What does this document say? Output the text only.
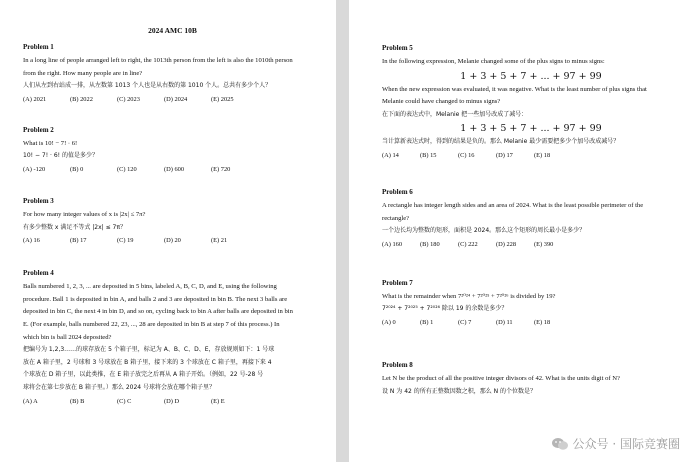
2024 AMC 10B
Problem 1
In a long line of people arranged left to right, the 1013th person from the left is also the 1010th person
from the right. How many people are in line?
人们从左到右站成一排，从左数第 1013 个人也是从右数的第 1010 个人。总共有多少个人？
(A) 2021	(B) 2022	(C) 2023	(D) 2024	(E) 2025
Problem 2
What is 10! − 7! · 6!
10! − 7! · 6! 的值是多少？
(A) -120	(B) 0	(C) 120	(D) 600	(E) 720
Problem 3
For how many integer values of x is |2x| ≤ 7π?
有多少整数 x 满足不等式 |2x| ≤ 7π？
(A) 16	(B) 17	(C) 19	(D) 20	(E) 21
Problem 4
Balls numbered 1, 2, 3, ... are deposited in 5 bins, labeled A, B, C, D, and E, using the following
procedure. Ball 1 is deposited in bin A, and balls 2 and 3 are deposited in bin B. The next 3 balls are
deposited in bin C, the next 4 in bin D, and so on, cycling back to bin A after balls are deposited in bin
E. (For example, balls numbered 22, 23, ..., 28 are deposited in bin B at step 7 of this process.) In
which bin is ball 2024 deposited?
把编号为 1,2,3……的球存放在 5 个箱子里，标记为 A、B、C、D、E，存放规则如下：1 号球
放在 A 箱子里，2 号球和 3 号球放在 B 箱子里，接下来的 3 个球放在 C 箱子里，再接下来 4
个球放在 D 箱子里，以此类推，在 E 箱子放完之后再从 A 箱子开始。（例如，22 号-28 号
球将会在第七步放在 B 箱子里。）那么 2024 号球将会放在哪个箱子里？
(A) A	(B) B	(C) C	(D) D	(E) E
Problem 5
In the following expression, Melanie changed some of the plus signs to minus signs:
1 + 3 + 5 + 7 + ... + 97 + 99
When the new expression was evaluated, it was negative. What is the least number of plus signs that
Melanie could have changed to minus signs?
在下面的表达式中，Melanie 把一些加号改成了减号：
1 + 3 + 5 + 7 + ... + 97 + 99
当计算新表达式时，得到的结果是负的。那么 Melanie 最少需要把多少个加号改成减号？
(A) 14	(B) 15	(C) 16	(D) 17	(E) 18
Problem 6
A rectangle has integer length sides and an area of 2024. What is the least possible perimeter of the
rectangle?
一个边长均为整数的矩形，面积是 2024。那么这个矩形的周长最小是多少？
(A) 160	(B) 180	(C) 222	(D) 228	(E) 390
Problem 7
What is the remainder when 7²⁰²⁴ + 7²⁰²⁵ + 7²⁰²⁶ is divided by 19?
7²⁰²⁴ + 7²⁰²⁵ + 7²⁰²⁶ 除以 19 的余数是多少？
(A) 0	(B) 1	(C) 7	(D) 11	(E) 18
Problem 8
Let N be the product of all the positive integer divisors of 42. What is the units digit of N?
设 N 为 42 的所有正整数因数之积，那么 N 的个位数是？
公众号 · 国际竞赛圈
